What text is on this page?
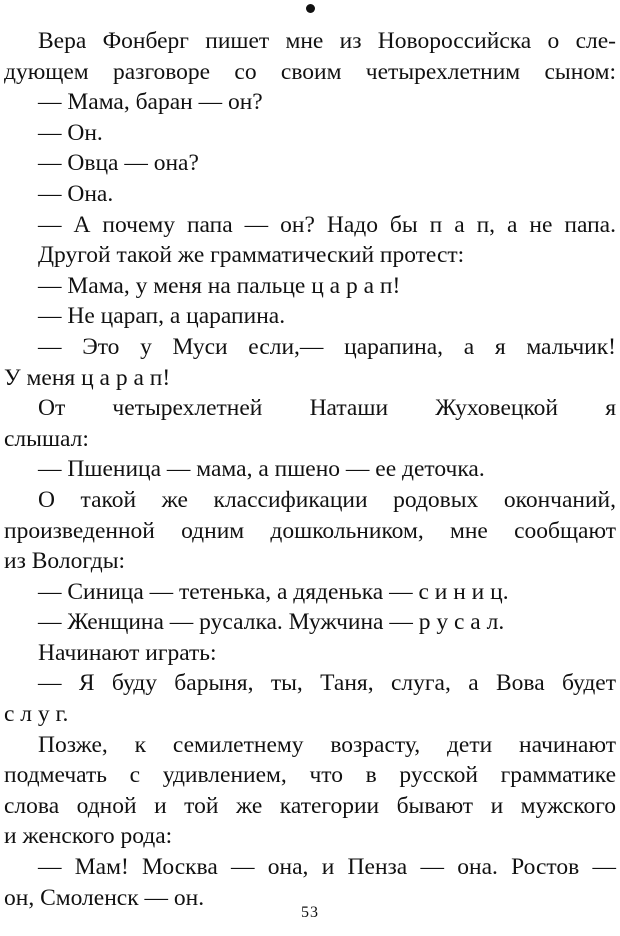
Вера Фонберг пишет мне из Новороссийска о сле-
дующем разговоре со своим четырехлетним сыном:
— Мама, баран — он?
— Он.
— Овца — она?
— Она.
— А почему папа — он? Надо бы п а п, а не папа.
Другой такой же грамматический протест:
— Мама, у меня на пальце ц а р а п!
— Не царап, а царапина.
— Это у Муси если,— царапина, а я мальчик!
У меня ц а р а п!
От четырехлетней Наташи Жуховецкой я
слышал:
— Пшеница — мама, а пшено — ее деточка.
О такой же классификации родовых окончаний,
произведенной одним дошкольником, мне сообщают
из Вологды:
— Синица — тетенька, а дяденька — с и н и ц.
— Женщина — русалка. Мужчина — р у с а л.
Начинают играть:
— Я буду барыня, ты, Таня, слуга, а Вова будет
с л у г.
Позже, к семилетнему возрасту, дети начинают
подмечать с удивлением, что в русской грамматике
слова одной и той же категории бывают и мужского
и женского рода:
— Мам! Москва — она, и Пенза — она. Ростов —
он, Смоленск — он.
53
